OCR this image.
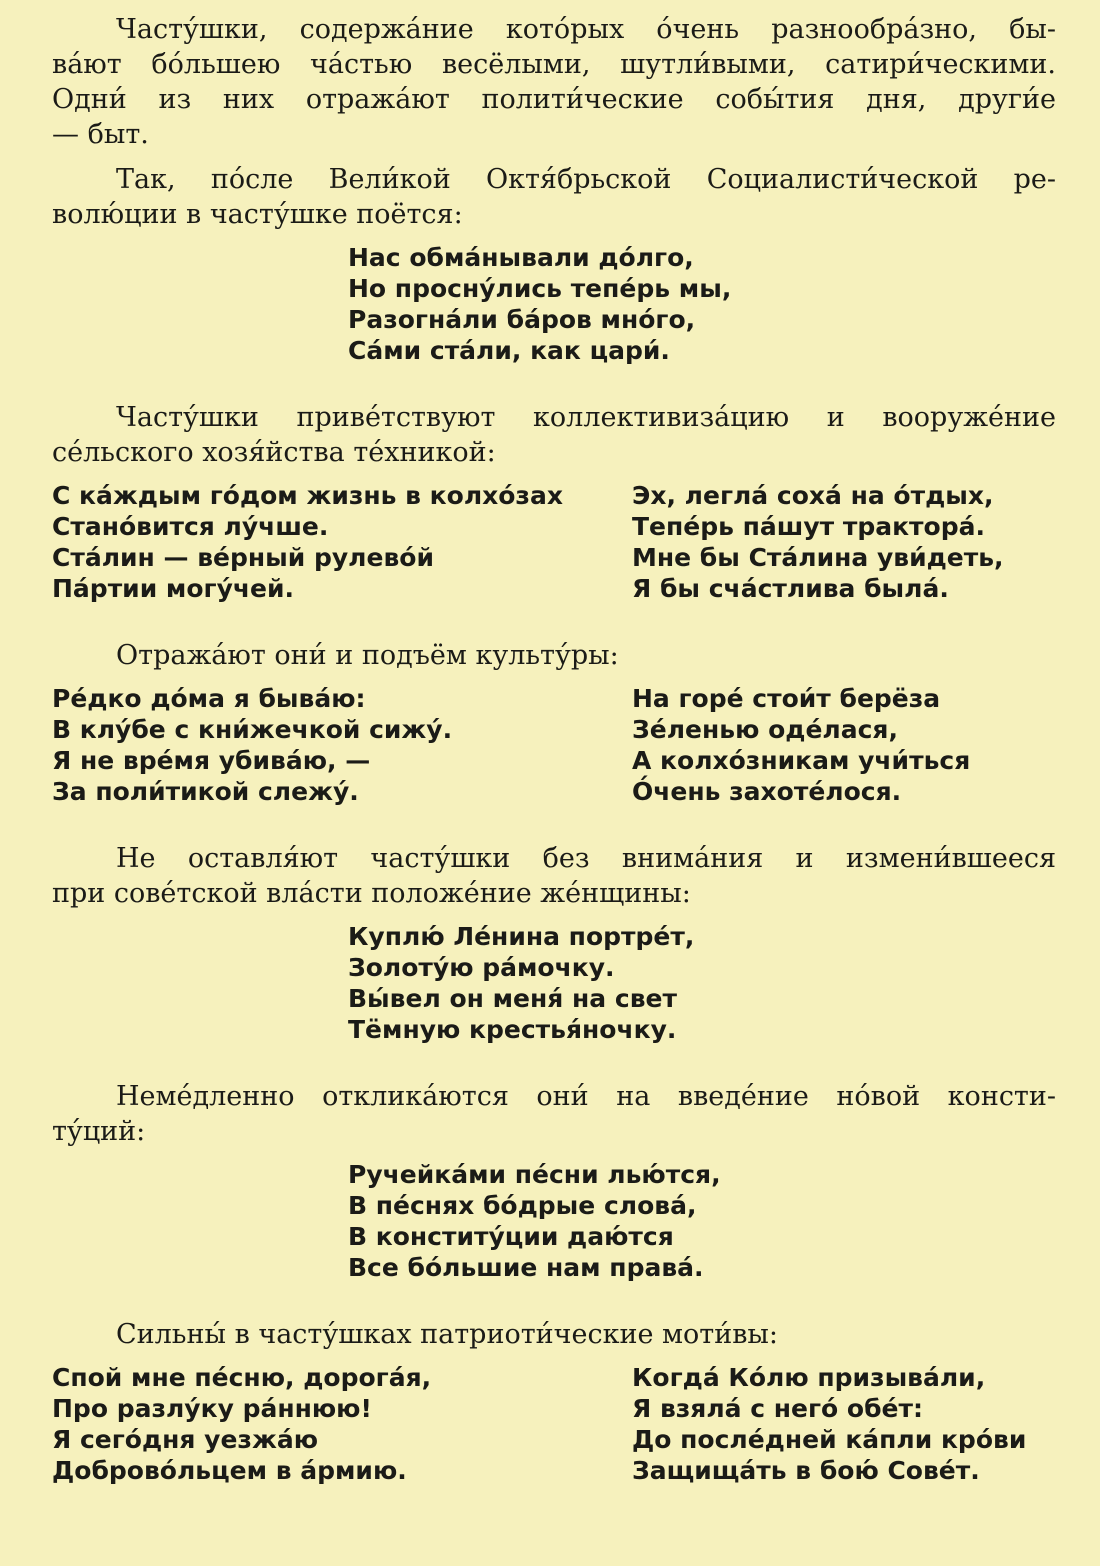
Часту́шки, содержа́ние кото́рых о́чень разнообра́зно, бы-
ва́ют бо́льшею ча́стью весёлыми, шутли́выми, сатири́ческими.
Одни́ из них отража́ют полити́ческие собы́тия дня, други́е
— быт.

Так, по́сле Вели́кой Октя́брьской Социалисти́ческой ре-
волю́ции в часту́шке поётся:

Нас обма́нывали до́лго,
Но просну́лись тепе́рь мы,
Разогна́ли ба́ров мно́го,
Са́ми ста́ли, как цари́.

Часту́шки приве́тствуют коллективиза́цию и вооруже́ние
се́льского хозя́йства те́хникой:

С ка́ждым го́дом жизнь в колхо́зах
Стано́вится лу́чше.
Ста́лин — ве́рный рулево́й
Па́ртии могу́чей.
Эх, легла́ соха́ на о́тдых,
Тепе́рь па́шут трактора́.
Мне бы Ста́лина уви́деть,
Я бы сча́стлива была́.

Отража́ют они́ и подъём культу́ры:

Ре́дко до́ма я быва́ю:
В клу́бе с кни́жечкой сижу́.
Я не вре́мя убива́ю, —
За поли́тикой слежу́.
На горе́ стои́т берёза
Зе́ленью оде́лася,
А колхо́зникам учи́ться
О́чень захоте́лося.

Не оставля́ют часту́шки без внима́ния и измени́вшееся
при сове́тской вла́сти положе́ние же́нщины:

Куплю́ Ле́нина портре́т,
Золоту́ю ра́мочку.
Вы́вел он меня́ на свет
Тёмную крестья́ночку.

Неме́дленно отклика́ются они́ на введе́ние но́вой консти-
ту́ций:

Ручейка́ми пе́сни лью́тся,
В пе́снях бо́дрые слова́,
В конститу́ции даю́тся
Все бо́льшие нам права́.

Сильны́ в часту́шках патриоти́ческие моти́вы:

Спой мне пе́сню, дорога́я,
Про разлу́ку ра́ннюю!
Я сего́дня уезжа́ю
Доброво́льцем в а́рмию.
Когда́ Ко́лю призыва́ли,
Я взяла́ с него́ обе́т:
До после́дней ка́пли кро́ви
Защища́ть в бою́ Сове́т.
